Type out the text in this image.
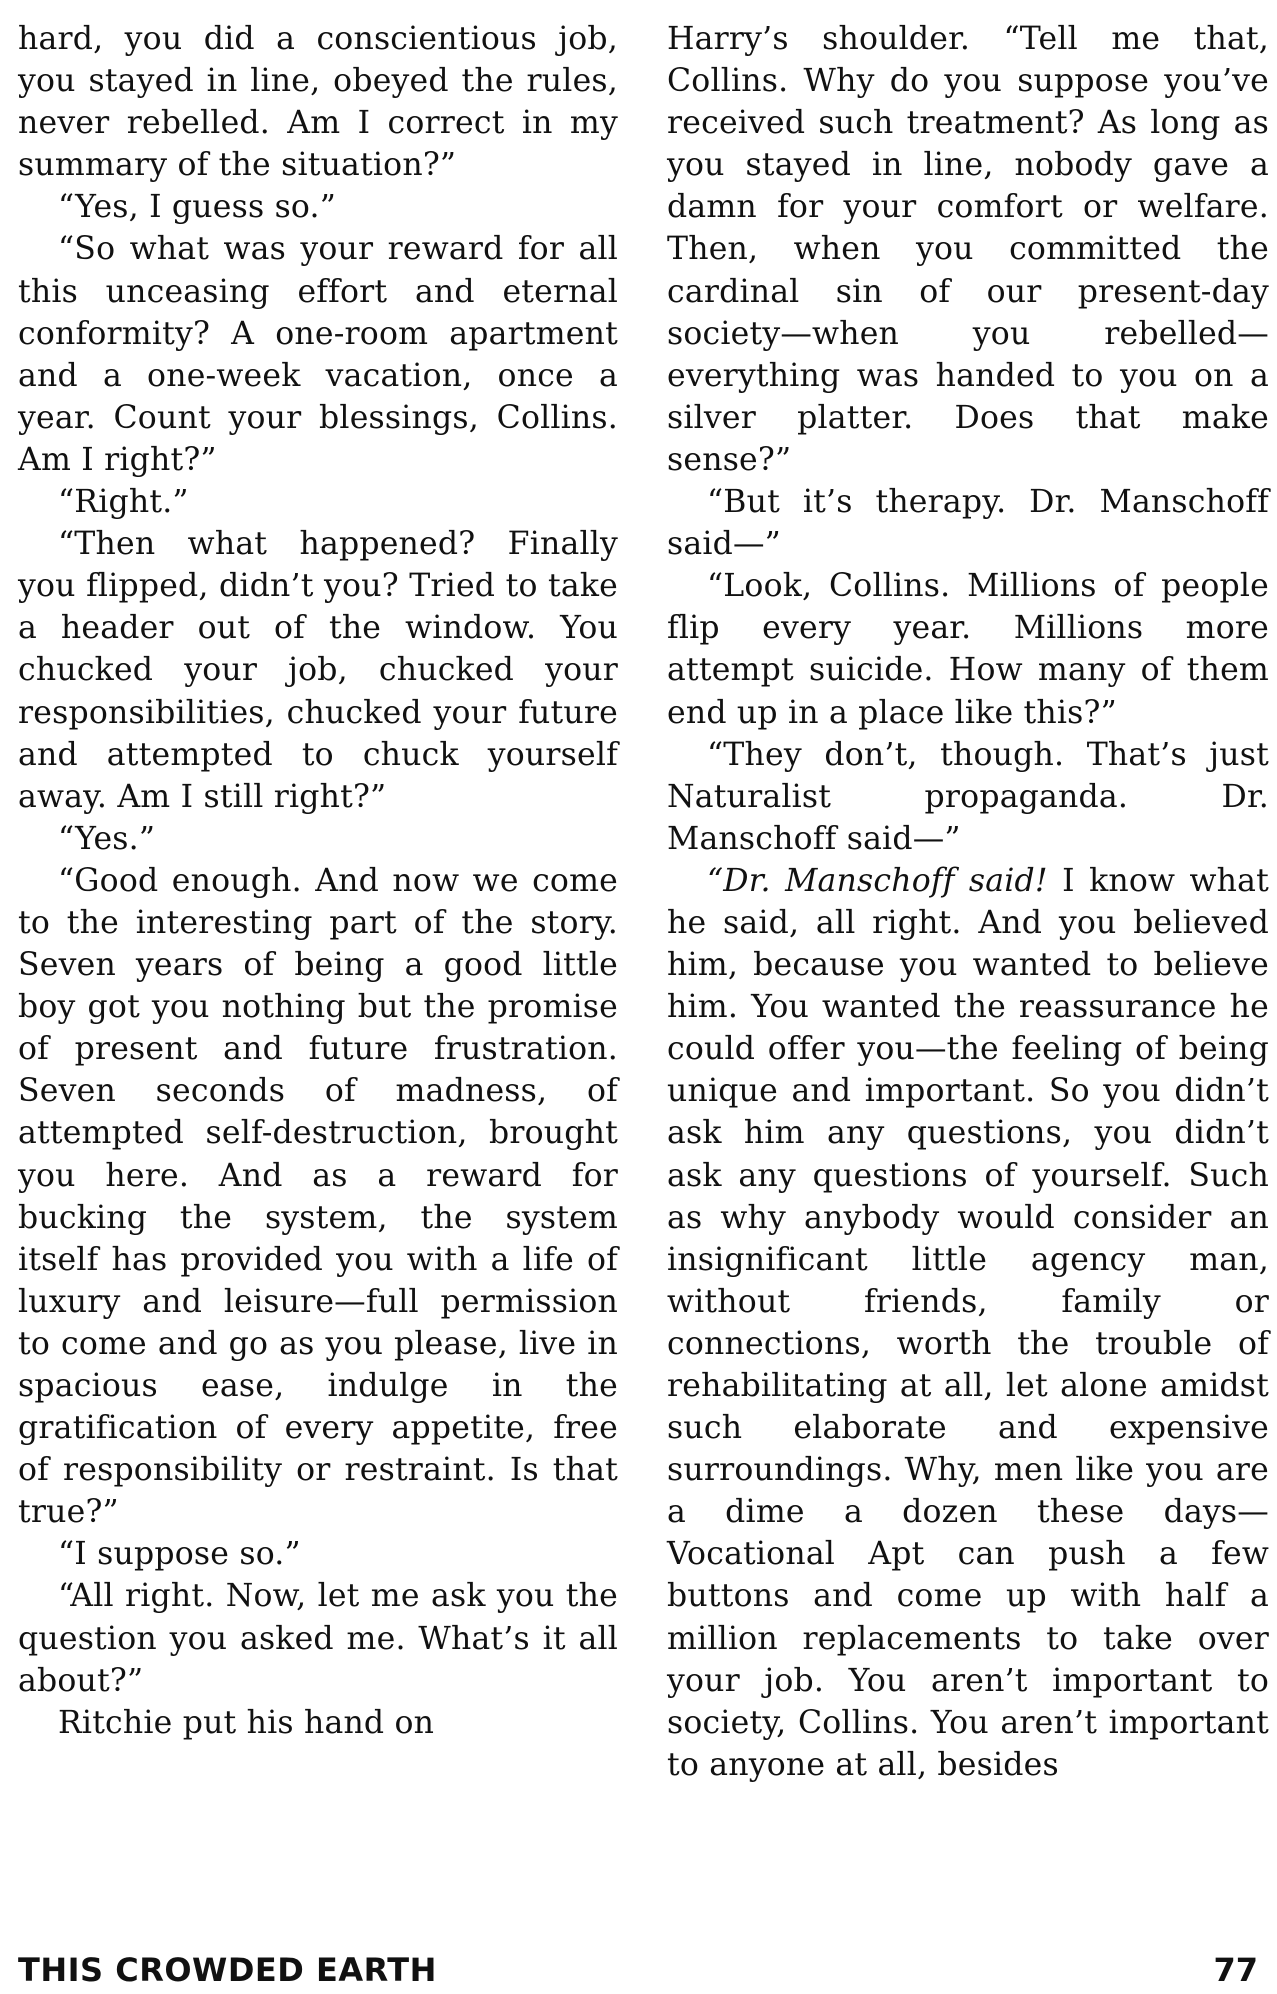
hard, you did a conscientious job, you stayed in line, obeyed the rules, never rebelled. Am I correct in my summary of the situation?”

“Yes, I guess so.”

“So what was your reward for all this unceasing effort and eternal conformity? A one-room apartment and a one-week vacation, once a year. Count your blessings, Collins. Am I right?”

“Right.”

“Then what happened? Finally you flipped, didn’t you? Tried to take a header out of the window. You chucked your job, chucked your responsibilities, chucked your future and attempted to chuck yourself away. Am I still right?”

“Yes.”

“Good enough. And now we come to the interesting part of the story. Seven years of being a good little boy got you nothing but the promise of present and future frustration. Seven seconds of madness, of attempted self-destruction, brought you here. And as a reward for bucking the system, the system itself has provided you with a life of luxury and leisure—full permission to come and go as you please, live in spacious ease, indulge in the gratification of every appetite, free of responsibility or restraint. Is that true?”

“I suppose so.”

“All right. Now, let me ask you the question you asked me. What’s it all about?”

Ritchie put his hand on

Harry’s shoulder. “Tell me that, Collins. Why do you suppose you’ve received such treatment? As long as you stayed in line, nobody gave a damn for your comfort or welfare. Then, when you committed the cardinal sin of our present-day society—when you rebelled—everything was handed to you on a silver platter. Does that make sense?”

“But it’s therapy. Dr. Manschoff said—”

“Look, Collins. Millions of people flip every year. Millions more attempt suicide. How many of them end up in a place like this?”

“They don’t, though. That’s just Naturalist propaganda. Dr. Manschoff said—”

“Dr. Manschoff said! I know what he said, all right. And you believed him, because you wanted to believe him. You wanted the reassurance he could offer you—the feeling of being unique and important. So you didn’t ask him any questions, you didn’t ask any questions of yourself. Such as why anybody would consider an insignificant little agency man, without friends, family or connections, worth the trouble of rehabilitating at all, let alone amidst such elaborate and expensive surroundings. Why, men like you are a dime a dozen these days—Vocational Apt can push a few buttons and come up with half a million replacements to take over your job. You aren’t important to society, Collins. You aren’t important to anyone at all, besides

THIS CROWDED EARTH	77
